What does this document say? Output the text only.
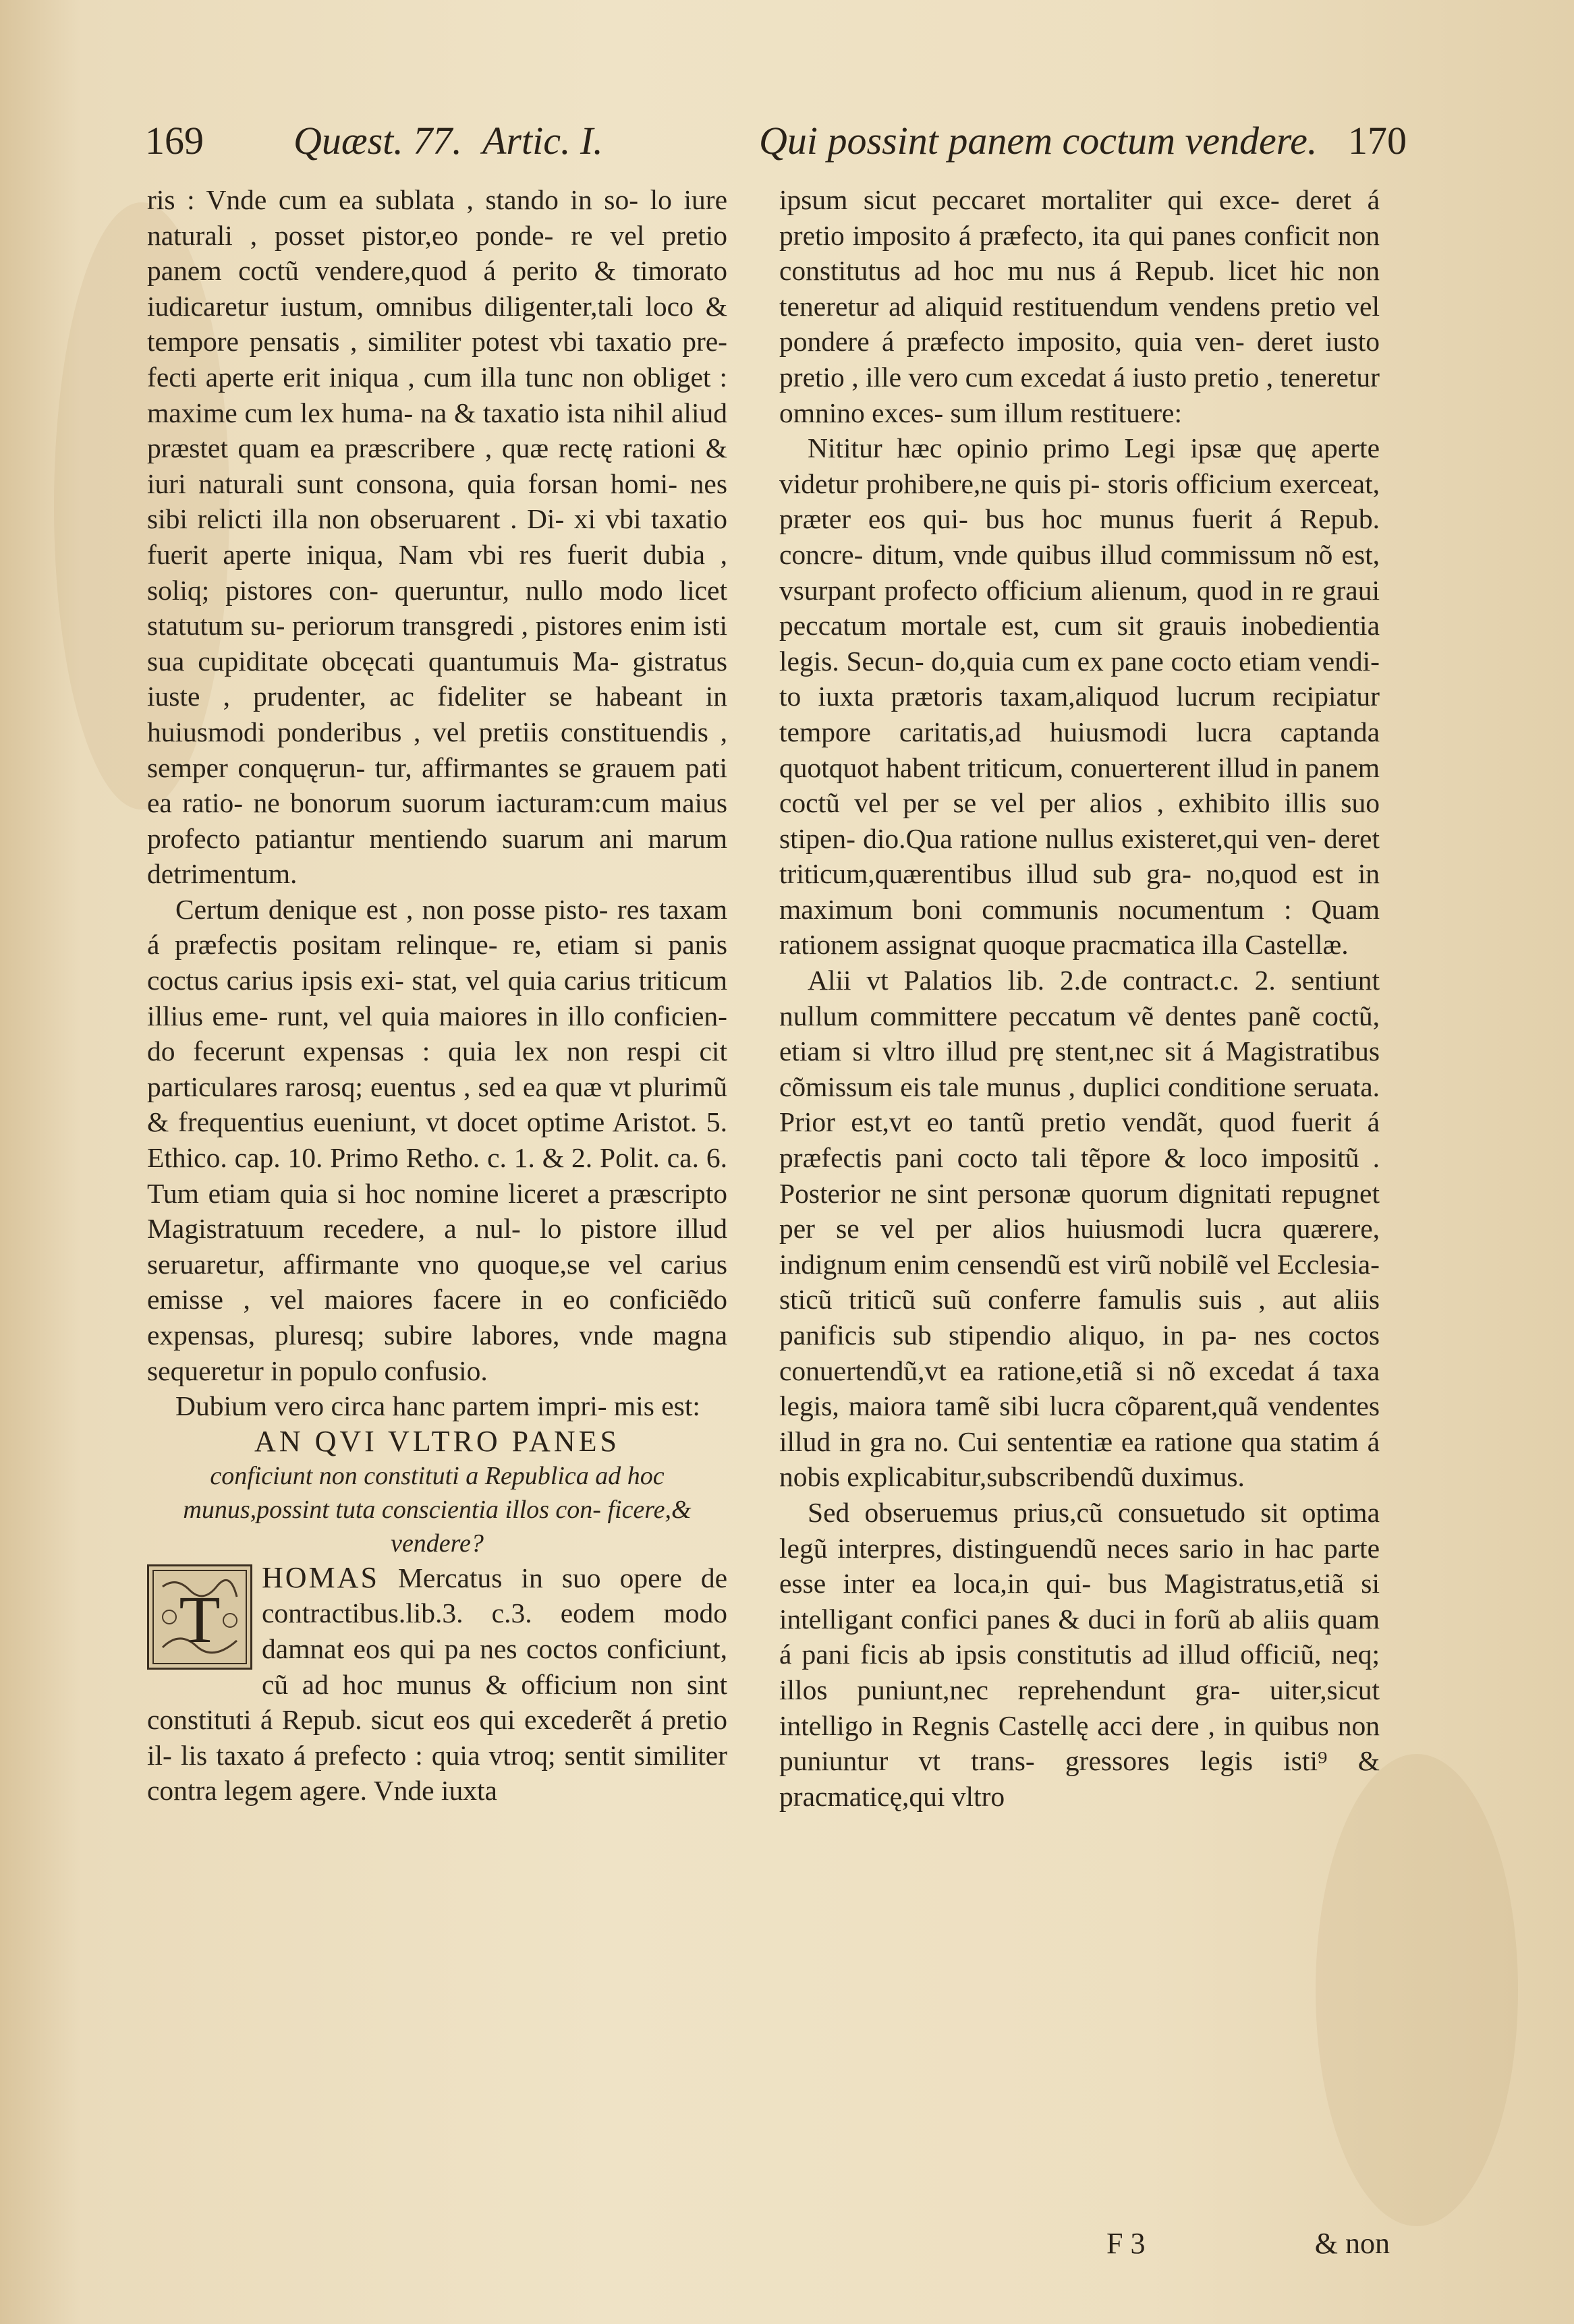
169 Quæst. 77. Artic. I.	Qui possint panem coctum vendere. 170

ris : Vnde cum ea sublata , stando in so- lo iure naturali , posset pistor,eo ponde- re vel pretio panem coctũ vendere,quod á perito & timorato iudicaretur iustum, omnibus diligenter,tali loco & tempore pensatis , similiter potest vbi taxatio pre- fecti aperte erit iniqua , cum illa tunc non obliget : maxime cum lex huma- na & taxatio ista nihil aliud præstet quam ea præscribere , quæ rectę rationi & iuri naturali sunt consona, quia forsan homi- nes sibi relicti illa non obseruarent . Di- xi vbi taxatio fuerit aperte iniqua, Nam vbi res fuerit dubia , soliq; pistores con- queruntur, nullo modo licet statutum su- periorum transgredi , pistores enim isti sua cupiditate obcęcati quantumuis Ma- gistratus iuste , prudenter, ac fideliter se habeant in huiusmodi ponderibus , vel pretiis constituendis , semper conquęrun- tur, affirmantes se grauem pati ea ratio- ne bonorum suorum iacturam:cum maius profecto patiantur mentiendo suarum ani marum detrimentum.

Certum denique est , non posse pisto- res taxam á præfectis positam relinque- re, etiam si panis coctus carius ipsis exi- stat, vel quia carius triticum illius eme- runt, vel quia maiores in illo conficien- do fecerunt expensas : quia lex non respi cit particulares rarosq; euentus , sed ea quæ vt plurimũ & frequentius eueniunt, vt docet optime Aristot. 5. Ethico. cap. 10. Primo Retho. c. 1. & 2. Polit. ca. 6. Tum etiam quia si hoc nomine liceret a præscripto Magistratuum recedere, a nul- lo pistore illud seruaretur, affirmante vno quoque,se vel carius emisse , vel maiores facere in eo conficiẽdo expensas, pluresq; subire labores, vnde magna sequeretur in populo confusio.

Dubium vero circa hanc partem impri- mis est:

AN QVI VLTRO PANES

conficiunt non constituti a Republica ad hoc munus,possint tuta conscientia illos con- ficere,& vendere?

T
HOMAS Mercatus in suo opere de contractibus.lib.3. c.3. eodem modo damnat eos qui pa nes coctos conficiunt, cũ ad hoc munus & officium non sint constituti á Repub. sicut eos qui excederẽt á pretio il- lis taxato á prefecto : quia vtroq; sentit similiter contra legem agere. Vnde iuxta

ipsum sicut peccaret mortaliter qui exce- deret á pretio imposito á præfecto, ita qui panes conficit non constitutus ad hoc mu nus á Repub. licet hic non teneretur ad aliquid restituendum vendens pretio vel pondere á præfecto imposito, quia ven- deret iusto pretio , ille vero cum excedat á iusto pretio , teneretur omnino exces- sum illum restituere:

Nititur hæc opinio primo Legi ipsæ quę aperte videtur prohibere,ne quis pi- storis officium exerceat, præter eos qui- bus hoc munus fuerit á Repub. concre- ditum, vnde quibus illud commissum nõ est, vsurpant profecto officium alienum, quod in re graui peccatum mortale est, cum sit grauis inobedientia legis. Secun- do,quia cum ex pane cocto etiam vendi- to iuxta prætoris taxam,aliquod lucrum recipiatur tempore caritatis,ad huiusmodi lucra captanda quotquot habent triticum, conuerterent illud in panem coctũ vel per se vel per alios , exhibito illis suo stipen- dio.Qua ratione nullus existeret,qui ven- deret triticum,quærentibus illud sub gra- no,quod est in maximum boni communis nocumentum : Quam rationem assignat quoque pracmatica illa Castellæ.

Alii vt Palatios lib. 2.de contract.c. 2. sentiunt nullum committere peccatum vẽ dentes panẽ coctũ, etiam si vltro illud prę stent,nec sit á Magistratibus cõmissum eis tale munus , duplici conditione seruata. Prior est,vt eo tantũ pretio vendãt, quod fuerit á præfectis pani cocto tali tẽpore & loco impositũ . Posterior ne sint personæ quorum dignitati repugnet per se vel per alios huiusmodi lucra quærere, indignum enim censendũ est virũ nobilẽ vel Ecclesia- sticũ triticũ suũ conferre famulis suis , aut aliis panificis sub stipendio aliquo, in pa- nes coctos conuertendũ,vt ea ratione,etiã si nõ excedat á taxa legis, maiora tamẽ sibi lucra cõparent,quã vendentes illud in gra no. Cui sententiæ ea ratione qua statim á nobis explicabitur,subscribendũ duximus.

Sed obseruemus prius,cũ consuetudo sit optima legũ interpres, distinguendũ neces sario in hac parte esse inter ea loca,in qui- bus Magistratus,etiã si intelligant confici panes & duci in forũ ab aliis quam á pani ficis ab ipsis constitutis ad illud officiũ, neq; illos puniunt,nec reprehendunt gra- uiter,sicut intelligo in Regnis Castellę acci dere , in quibus non puniuntur vt trans- gressores legis isti⁹ & pracmaticę,qui vltro

F 3	& non
